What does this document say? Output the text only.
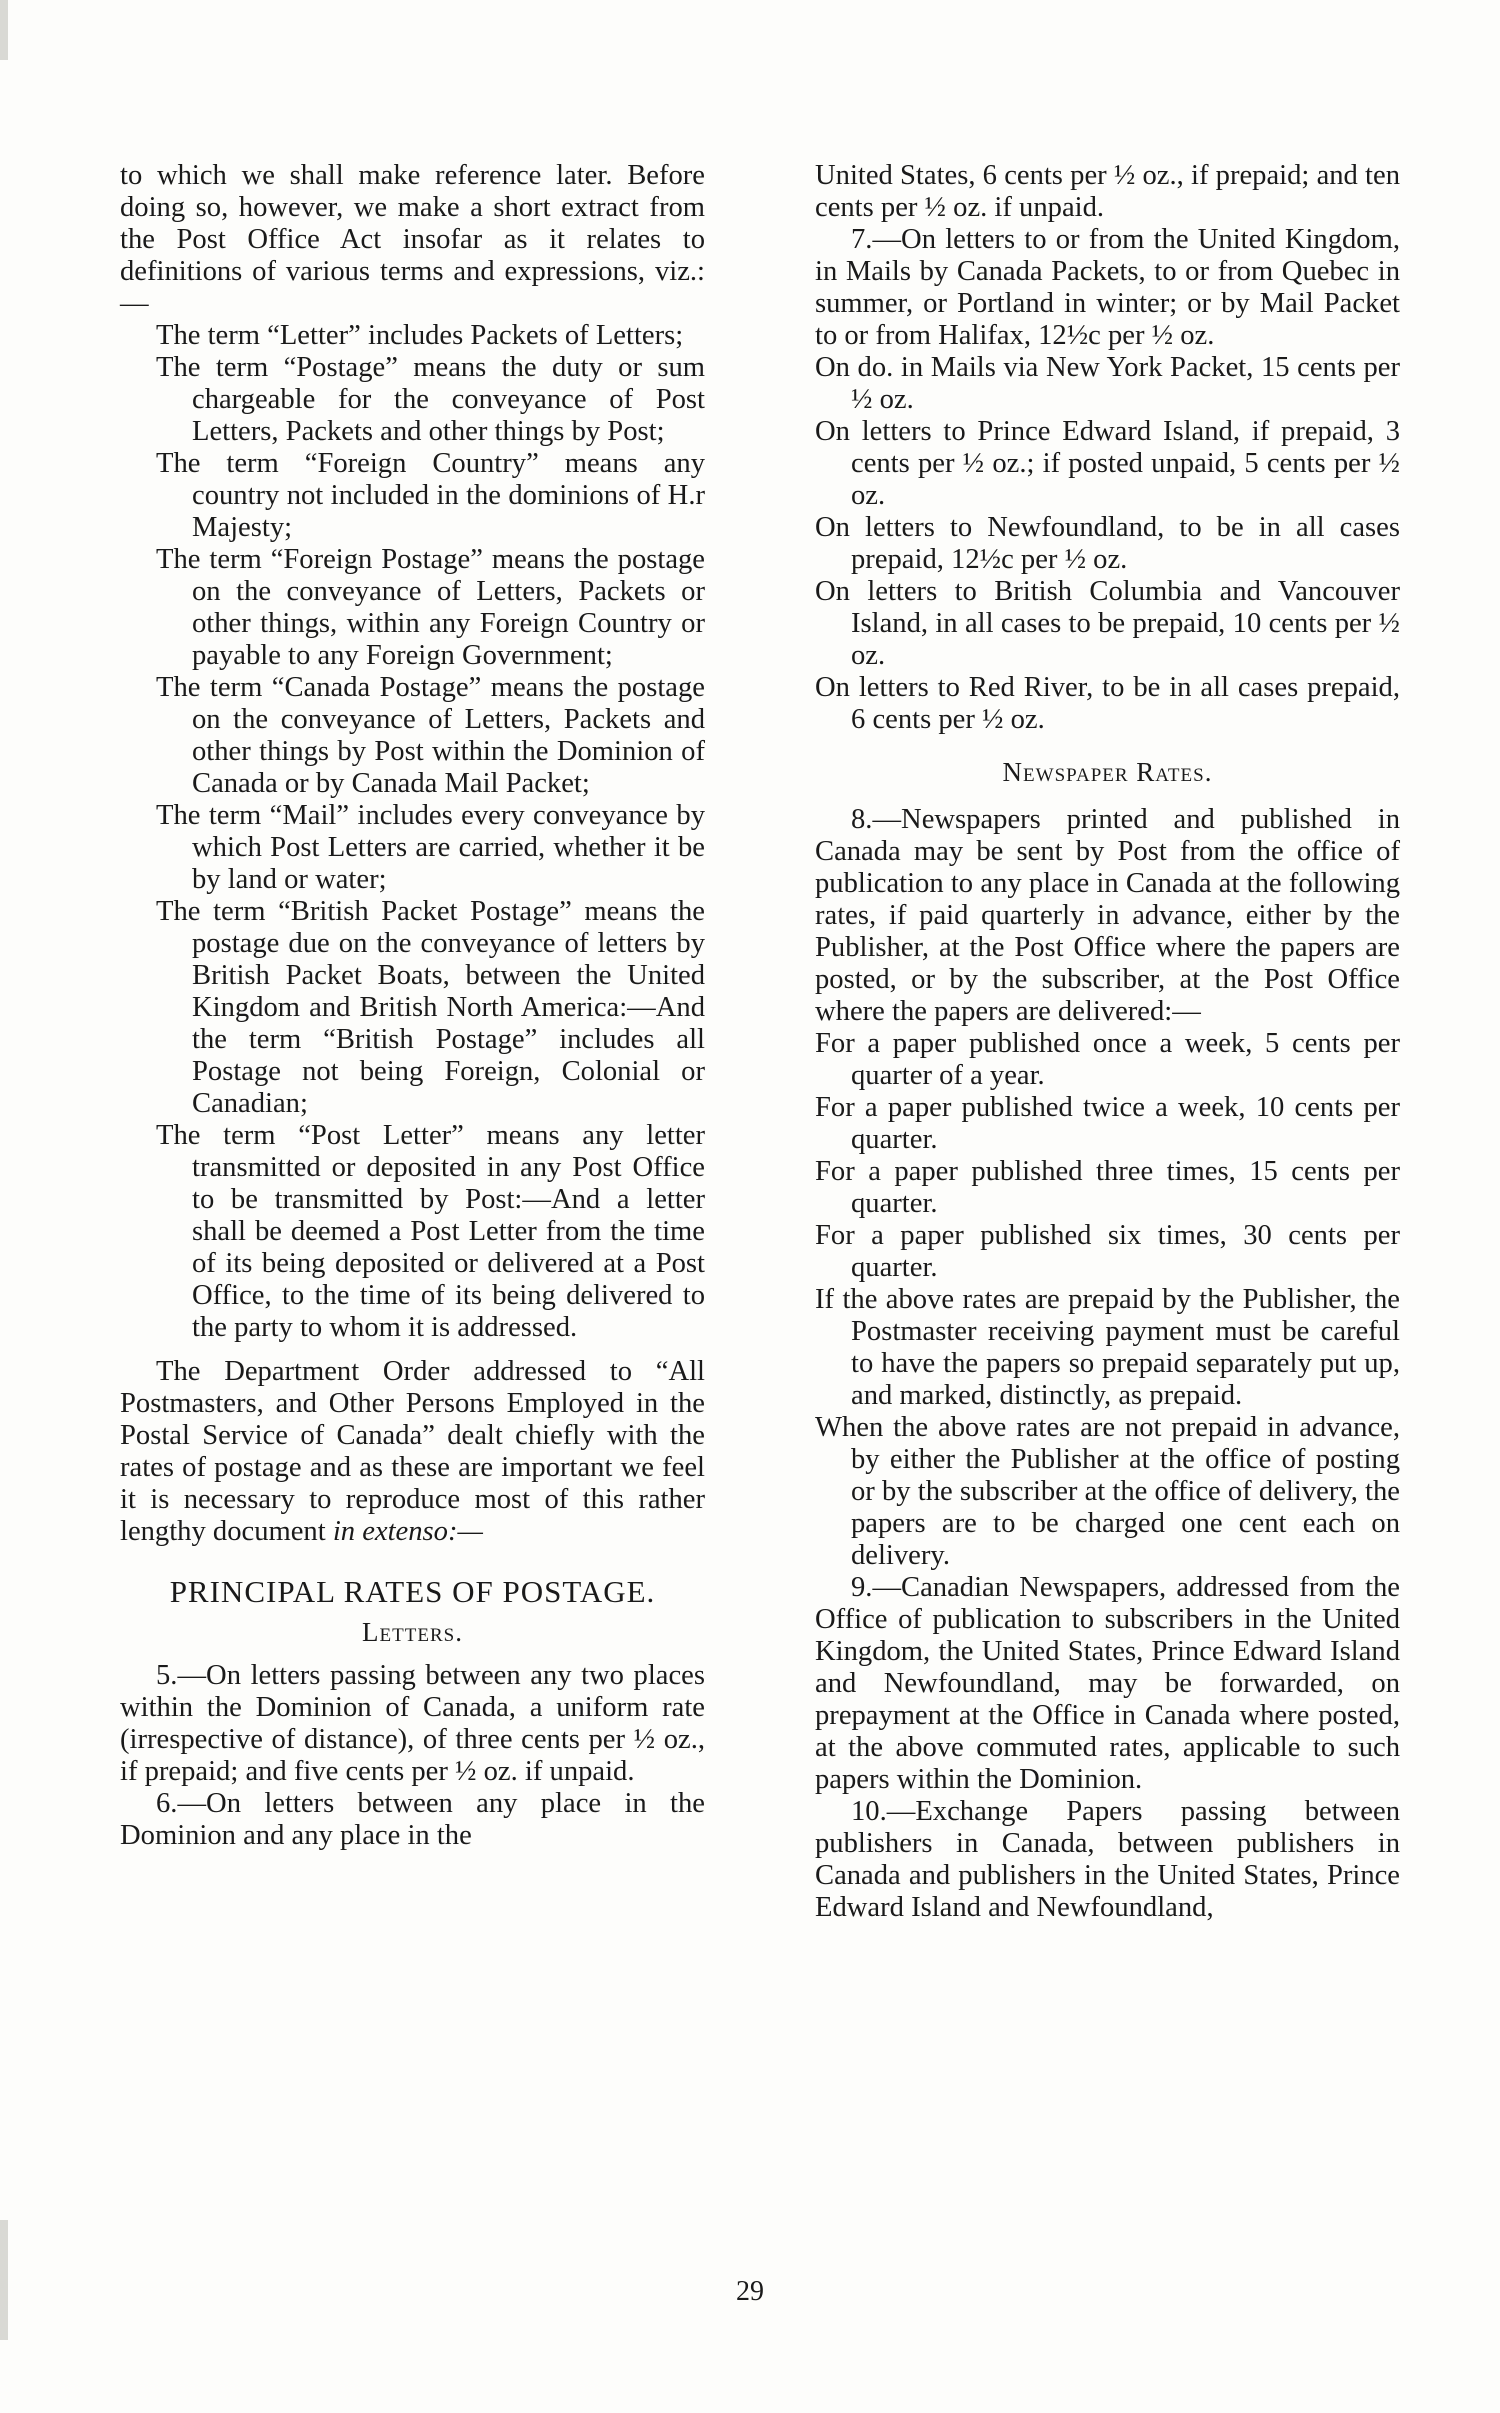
to which we shall make reference later. Before doing so, however, we make a short extract from the Post Office Act insofar as it relates to definitions of various terms and expressions, viz.:—

The term “Letter” includes Packets of Letters;

The term “Postage” means the duty or sum chargeable for the conveyance of Post Letters, Packets and other things by Post;

The term “Foreign Country” means any country not included in the dominions of H.r Majesty;

The term “Foreign Postage” means the postage on the conveyance of Letters, Packets or other things, within any Foreign Country or payable to any Foreign Government;

The term “Canada Postage” means the postage on the conveyance of Letters, Packets and other things by Post within the Dominion of Canada or by Canada Mail Packet;

The term “Mail” includes every conveyance by which Post Letters are carried, whether it be by land or water;

The term “British Packet Postage” means the postage due on the conveyance of letters by British Packet Boats, between the United Kingdom and British North America:—And the term “British Postage” includes all Postage not being Foreign, Colonial or Canadian;

The term “Post Letter” means any letter transmitted or deposited in any Post Office to be transmitted by Post:—And a letter shall be deemed a Post Letter from the time of its being deposited or delivered at a Post Office, to the time of its being delivered to the party to whom it is addressed.

The Department Order addressed to “All Postmasters, and Other Persons Employed in the Postal Service of Canada” dealt chiefly with the rates of postage and as these are important we feel it is necessary to reproduce most of this rather lengthy document in extenso:—

PRINCIPAL RATES OF POSTAGE.

Letters.

5.—On letters passing between any two places within the Dominion of Canada, a uniform rate (irrespective of distance), of three cents per ½ oz., if prepaid; and five cents per ½ oz. if unpaid.

6.—On letters between any place in the Dominion and any place in the

United States, 6 cents per ½ oz., if prepaid; and ten cents per ½ oz. if unpaid.

7.—On letters to or from the United Kingdom, in Mails by Canada Packets, to or from Quebec in summer, or Portland in winter; or by Mail Packet to or from Halifax, 12½c per ½ oz.

On do. in Mails via New York Packet, 15 cents per ½ oz.

On letters to Prince Edward Island, if prepaid, 3 cents per ½ oz.; if posted unpaid, 5 cents per ½ oz.

On letters to Newfoundland, to be in all cases prepaid, 12½c per ½ oz.

On letters to British Columbia and Vancouver Island, in all cases to be prepaid, 10 cents per ½ oz.

On letters to Red River, to be in all cases prepaid, 6 cents per ½ oz.

Newspaper Rates.

8.—Newspapers printed and published in Canada may be sent by Post from the office of publication to any place in Canada at the following rates, if paid quarterly in advance, either by the Publisher, at the Post Office where the papers are posted, or by the subscriber, at the Post Office where the papers are delivered:—

For a paper published once a week, 5 cents per quarter of a year.

For a paper published twice a week, 10 cents per quarter.

For a paper published three times, 15 cents per quarter.

For a paper published six times, 30 cents per quarter.

If the above rates are prepaid by the Publisher, the Postmaster receiving payment must be careful to have the papers so prepaid separately put up, and marked, distinctly, as prepaid.

When the above rates are not prepaid in advance, by either the Publisher at the office of posting or by the subscriber at the office of delivery, the papers are to be charged one cent each on delivery.

9.—Canadian Newspapers, addressed from the Office of publication to subscribers in the United Kingdom, the United States, Prince Edward Island and Newfoundland, may be forwarded, on prepayment at the Office in Canada where posted, at the above commuted rates, applicable to such papers within the Dominion.

10.—Exchange Papers passing between publishers in Canada, between publishers in Canada and publishers in the United States, Prince Edward Island and Newfoundland,

29
